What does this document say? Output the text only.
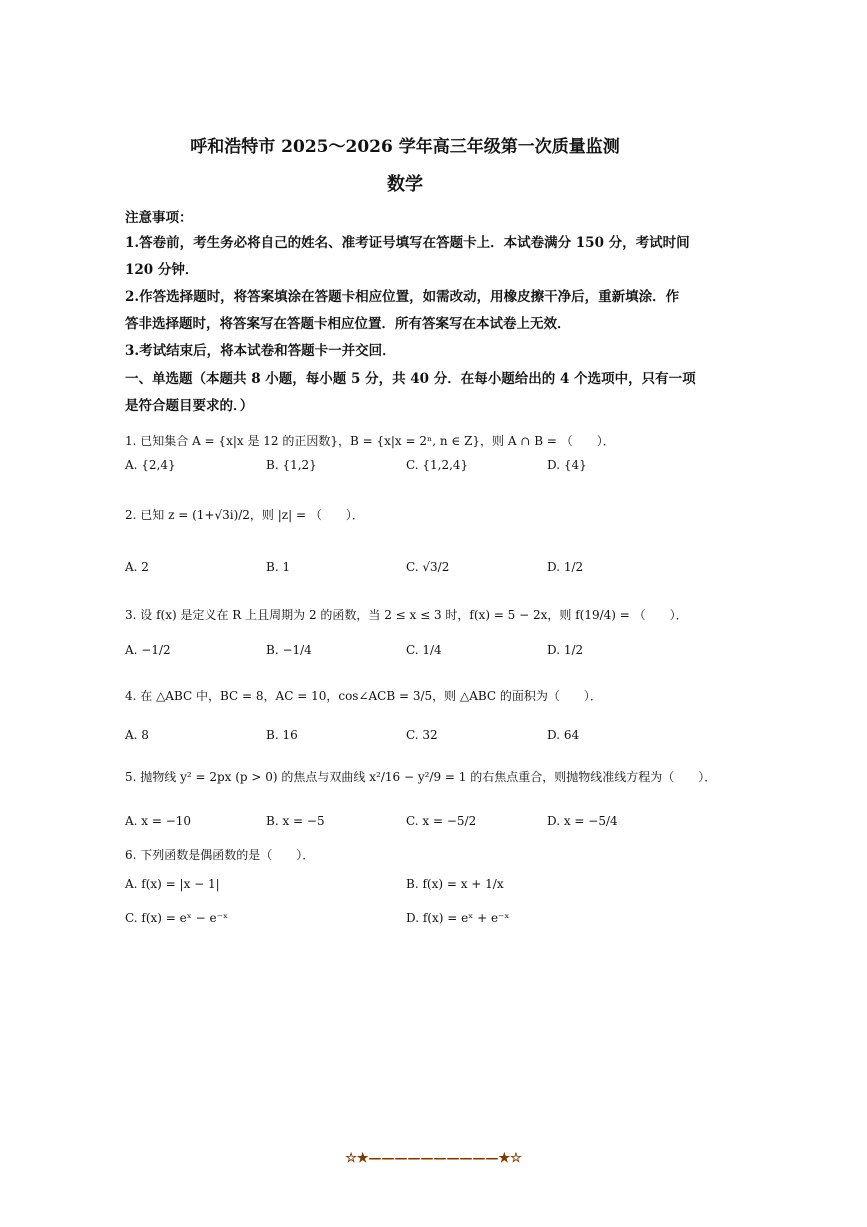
呼和浩特市 2025～2026 学年高三年级第一次质量监测
数学
注意事项：
1.答卷前，考生务必将自己的姓名、准考证号填写在答题卡上．本试卷满分 150 分，考试时间
120 分钟．
2.作答选择题时，将答案填涂在答题卡相应位置，如需改动，用橡皮擦干净后，重新填涂．作
答非选择题时，将答案写在答题卡相应位置．所有答案写在本试卷上无效．
3.考试结束后，将本试卷和答题卡一并交回．
一、单选题（本题共 8 小题，每小题 5 分，共 40 分．在每小题给出的 4 个选项中，只有一项
是符合题目要求的．）
1. 已知集合 A = {x|x 是 12 的正因数}，B = {x|x = 2ⁿ, n ∈ Z}，则 A ∩ B = （　　）．
A. {2,4}	B. {1,2}	C. {1,2,4}	D. {4}
2. 已知 z = (1+√3i)/2，则 |z| = （　　）．
A. 2	B. 1	C. √3/2	D. 1/2
3. 设 f(x) 是定义在 R 上且周期为 2 的函数，当 2 ≤ x ≤ 3 时，f(x) = 5 − 2x，则 f(19/4) = （　　）．
A. −1/2	B. −1/4	C. 1/4	D. 1/2
4. 在 △ABC 中，BC = 8，AC = 10，cos∠ACB = 3/5，则 △ABC 的面积为（　　）．
A. 8	B. 16	C. 32	D. 64
5. 抛物线 y² = 2px (p > 0) 的焦点与双曲线 x²/16 − y²/9 = 1 的右焦点重合，则抛物线准线方程为（　　）．
A. x = −10	B. x = −5	C. x = −5/2	D. x = −5/4
6. 下列函数是偶函数的是（　　）．
A. f(x) = |x − 1|	B. f(x) = x + 1/x
C. f(x) = eˣ − e⁻ˣ	D. f(x) = eˣ + e⁻ˣ
☆★——————————★☆
